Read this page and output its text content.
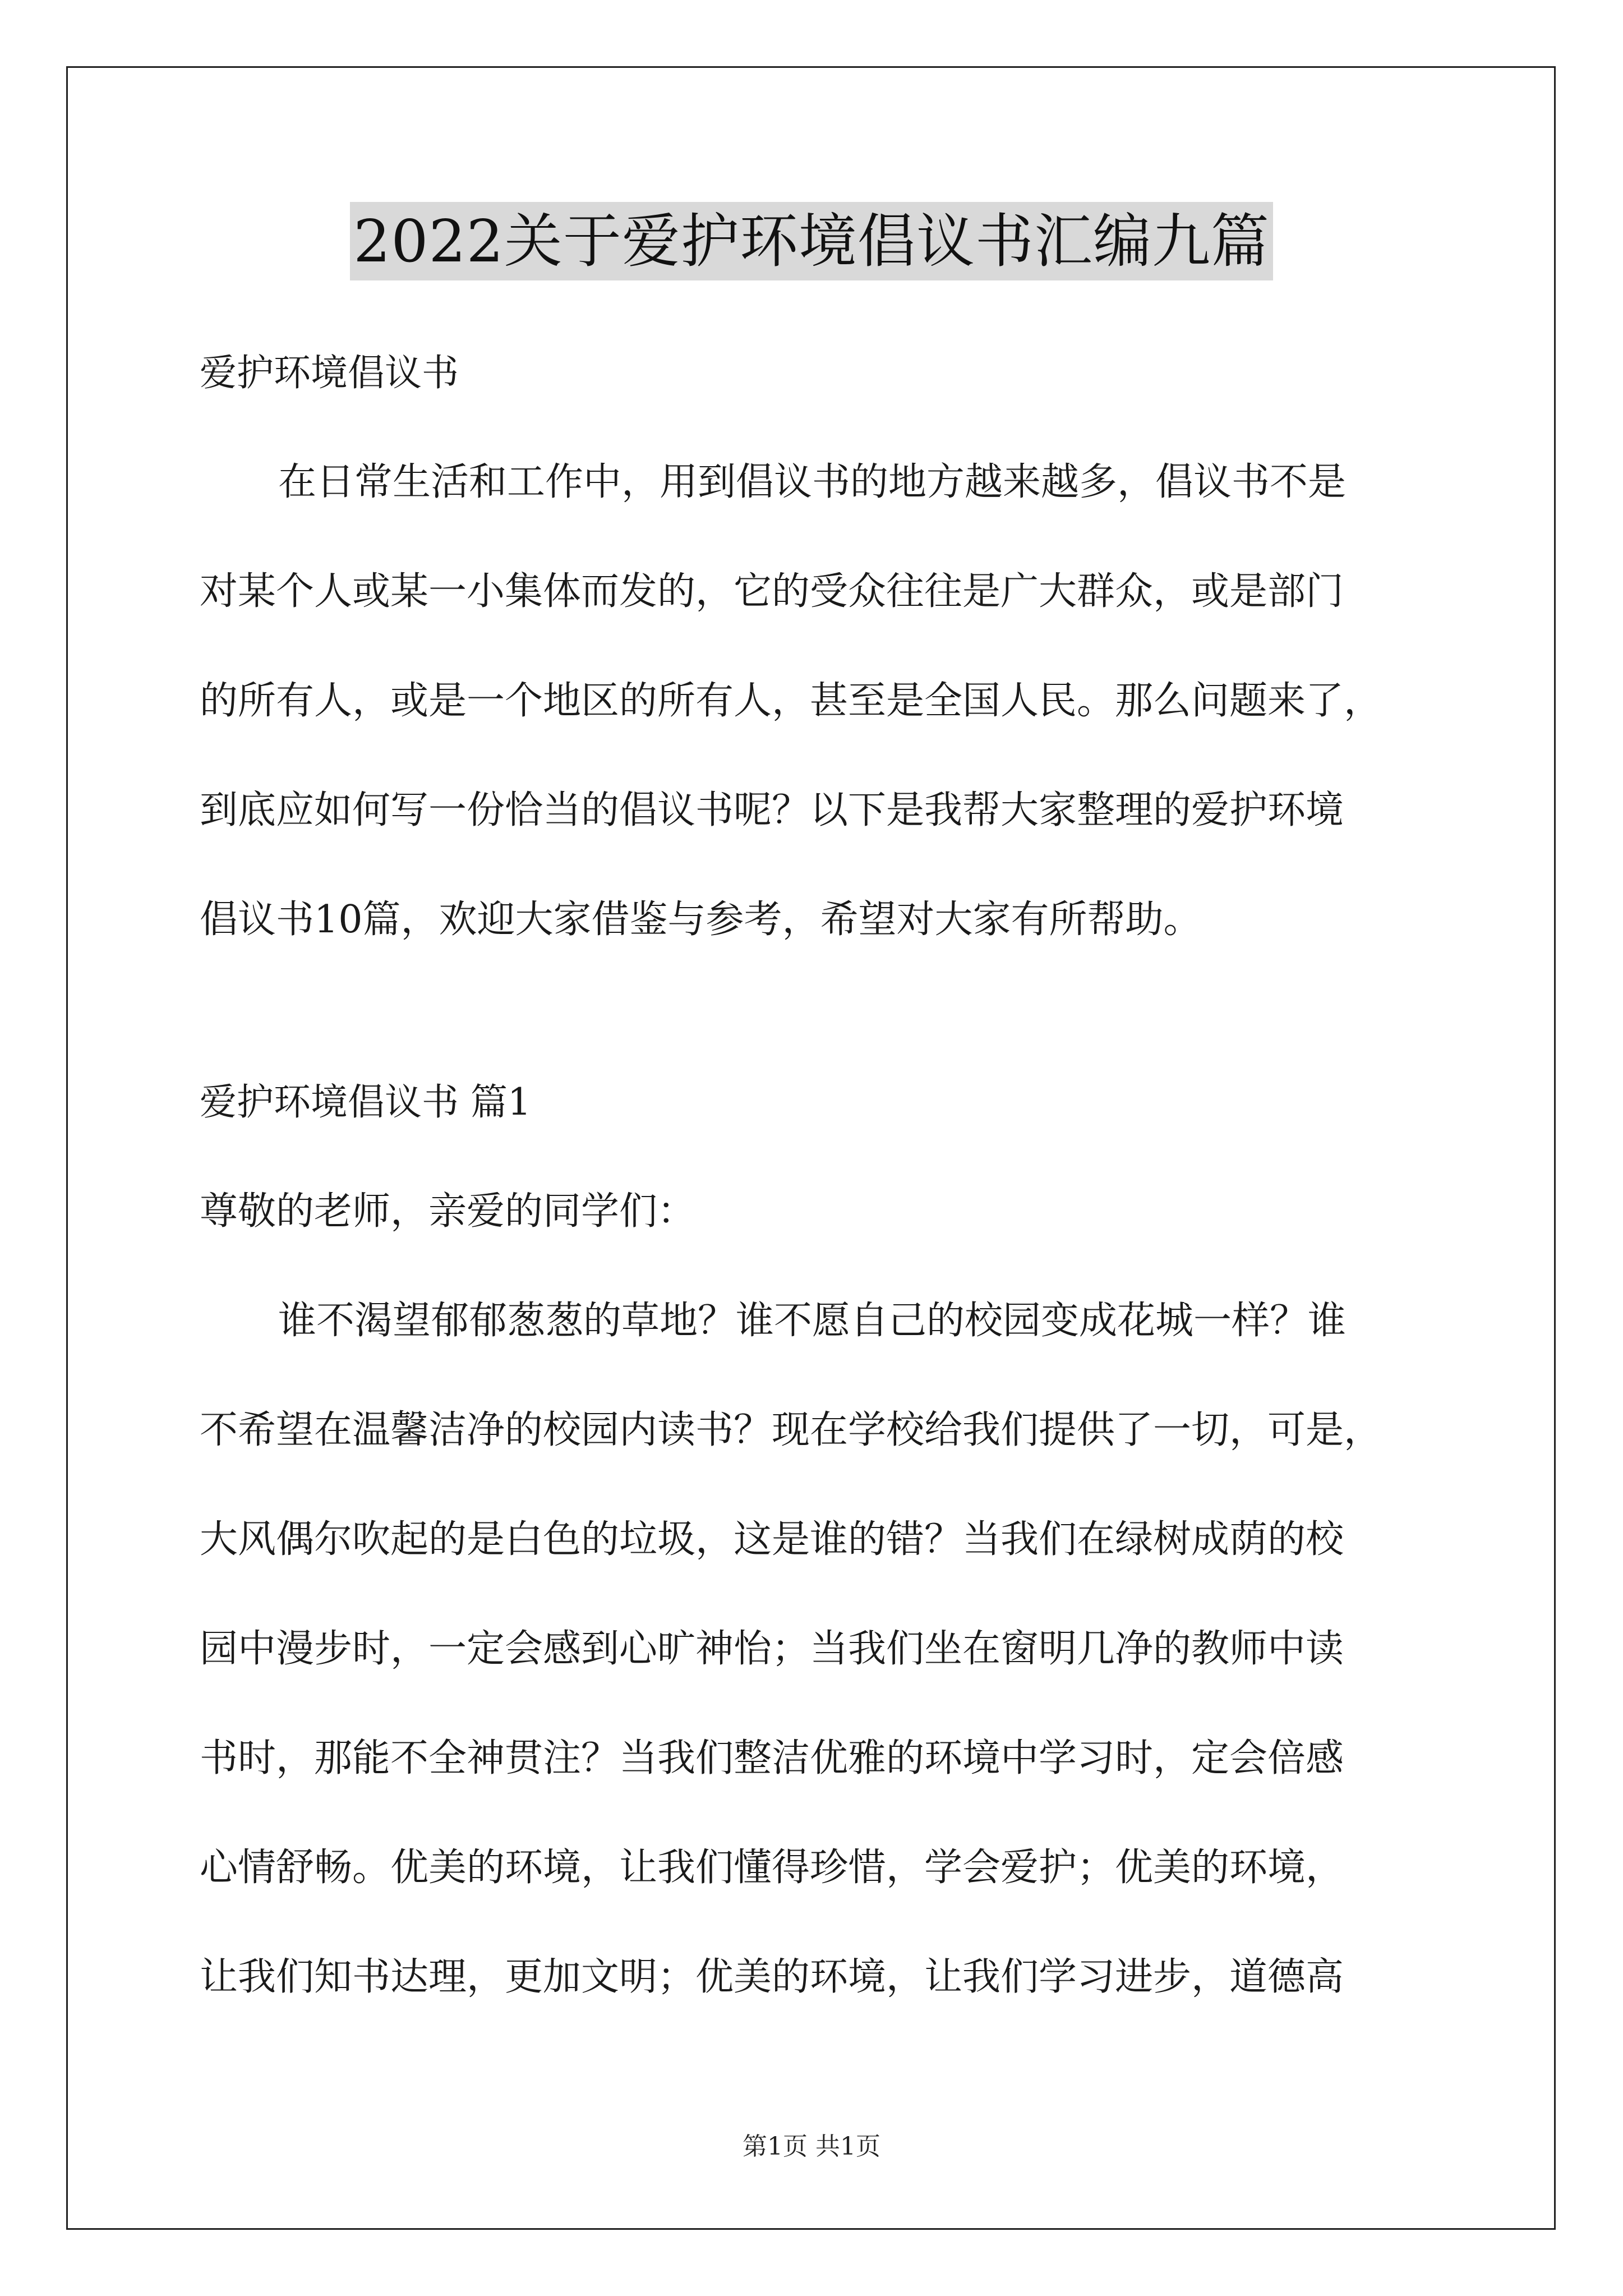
2022关于爱护环境倡议书汇编九篇
爱护环境倡议书
在日常生活和工作中，用到倡议书的地方越来越多，倡议书不是
对某个人或某一小集体而发的，它的受众往往是广大群众，或是部门
的所有人，或是一个地区的所有人，甚至是全国人民。那么问题来了，
到底应如何写一份恰当的倡议书呢？以下是我帮大家整理的爱护环境
倡议书10篇，欢迎大家借鉴与参考，希望对大家有所帮助。
爱护环境倡议书 篇1
尊敬的老师，亲爱的同学们：
谁不渴望郁郁葱葱的草地？谁不愿自己的校园变成花城一样？谁
不希望在温馨洁净的校园内读书？现在学校给我们提供了一切，可是，
大风偶尔吹起的是白色的垃圾，这是谁的错？当我们在绿树成荫的校
园中漫步时，一定会感到心旷神怡；当我们坐在窗明几净的教师中读
书时，那能不全神贯注？当我们整洁优雅的环境中学习时，定会倍感
心情舒畅。优美的环境，让我们懂得珍惜，学会爱护；优美的环境，
让我们知书达理，更加文明；优美的环境，让我们学习进步，道德高
第1页 共1页
